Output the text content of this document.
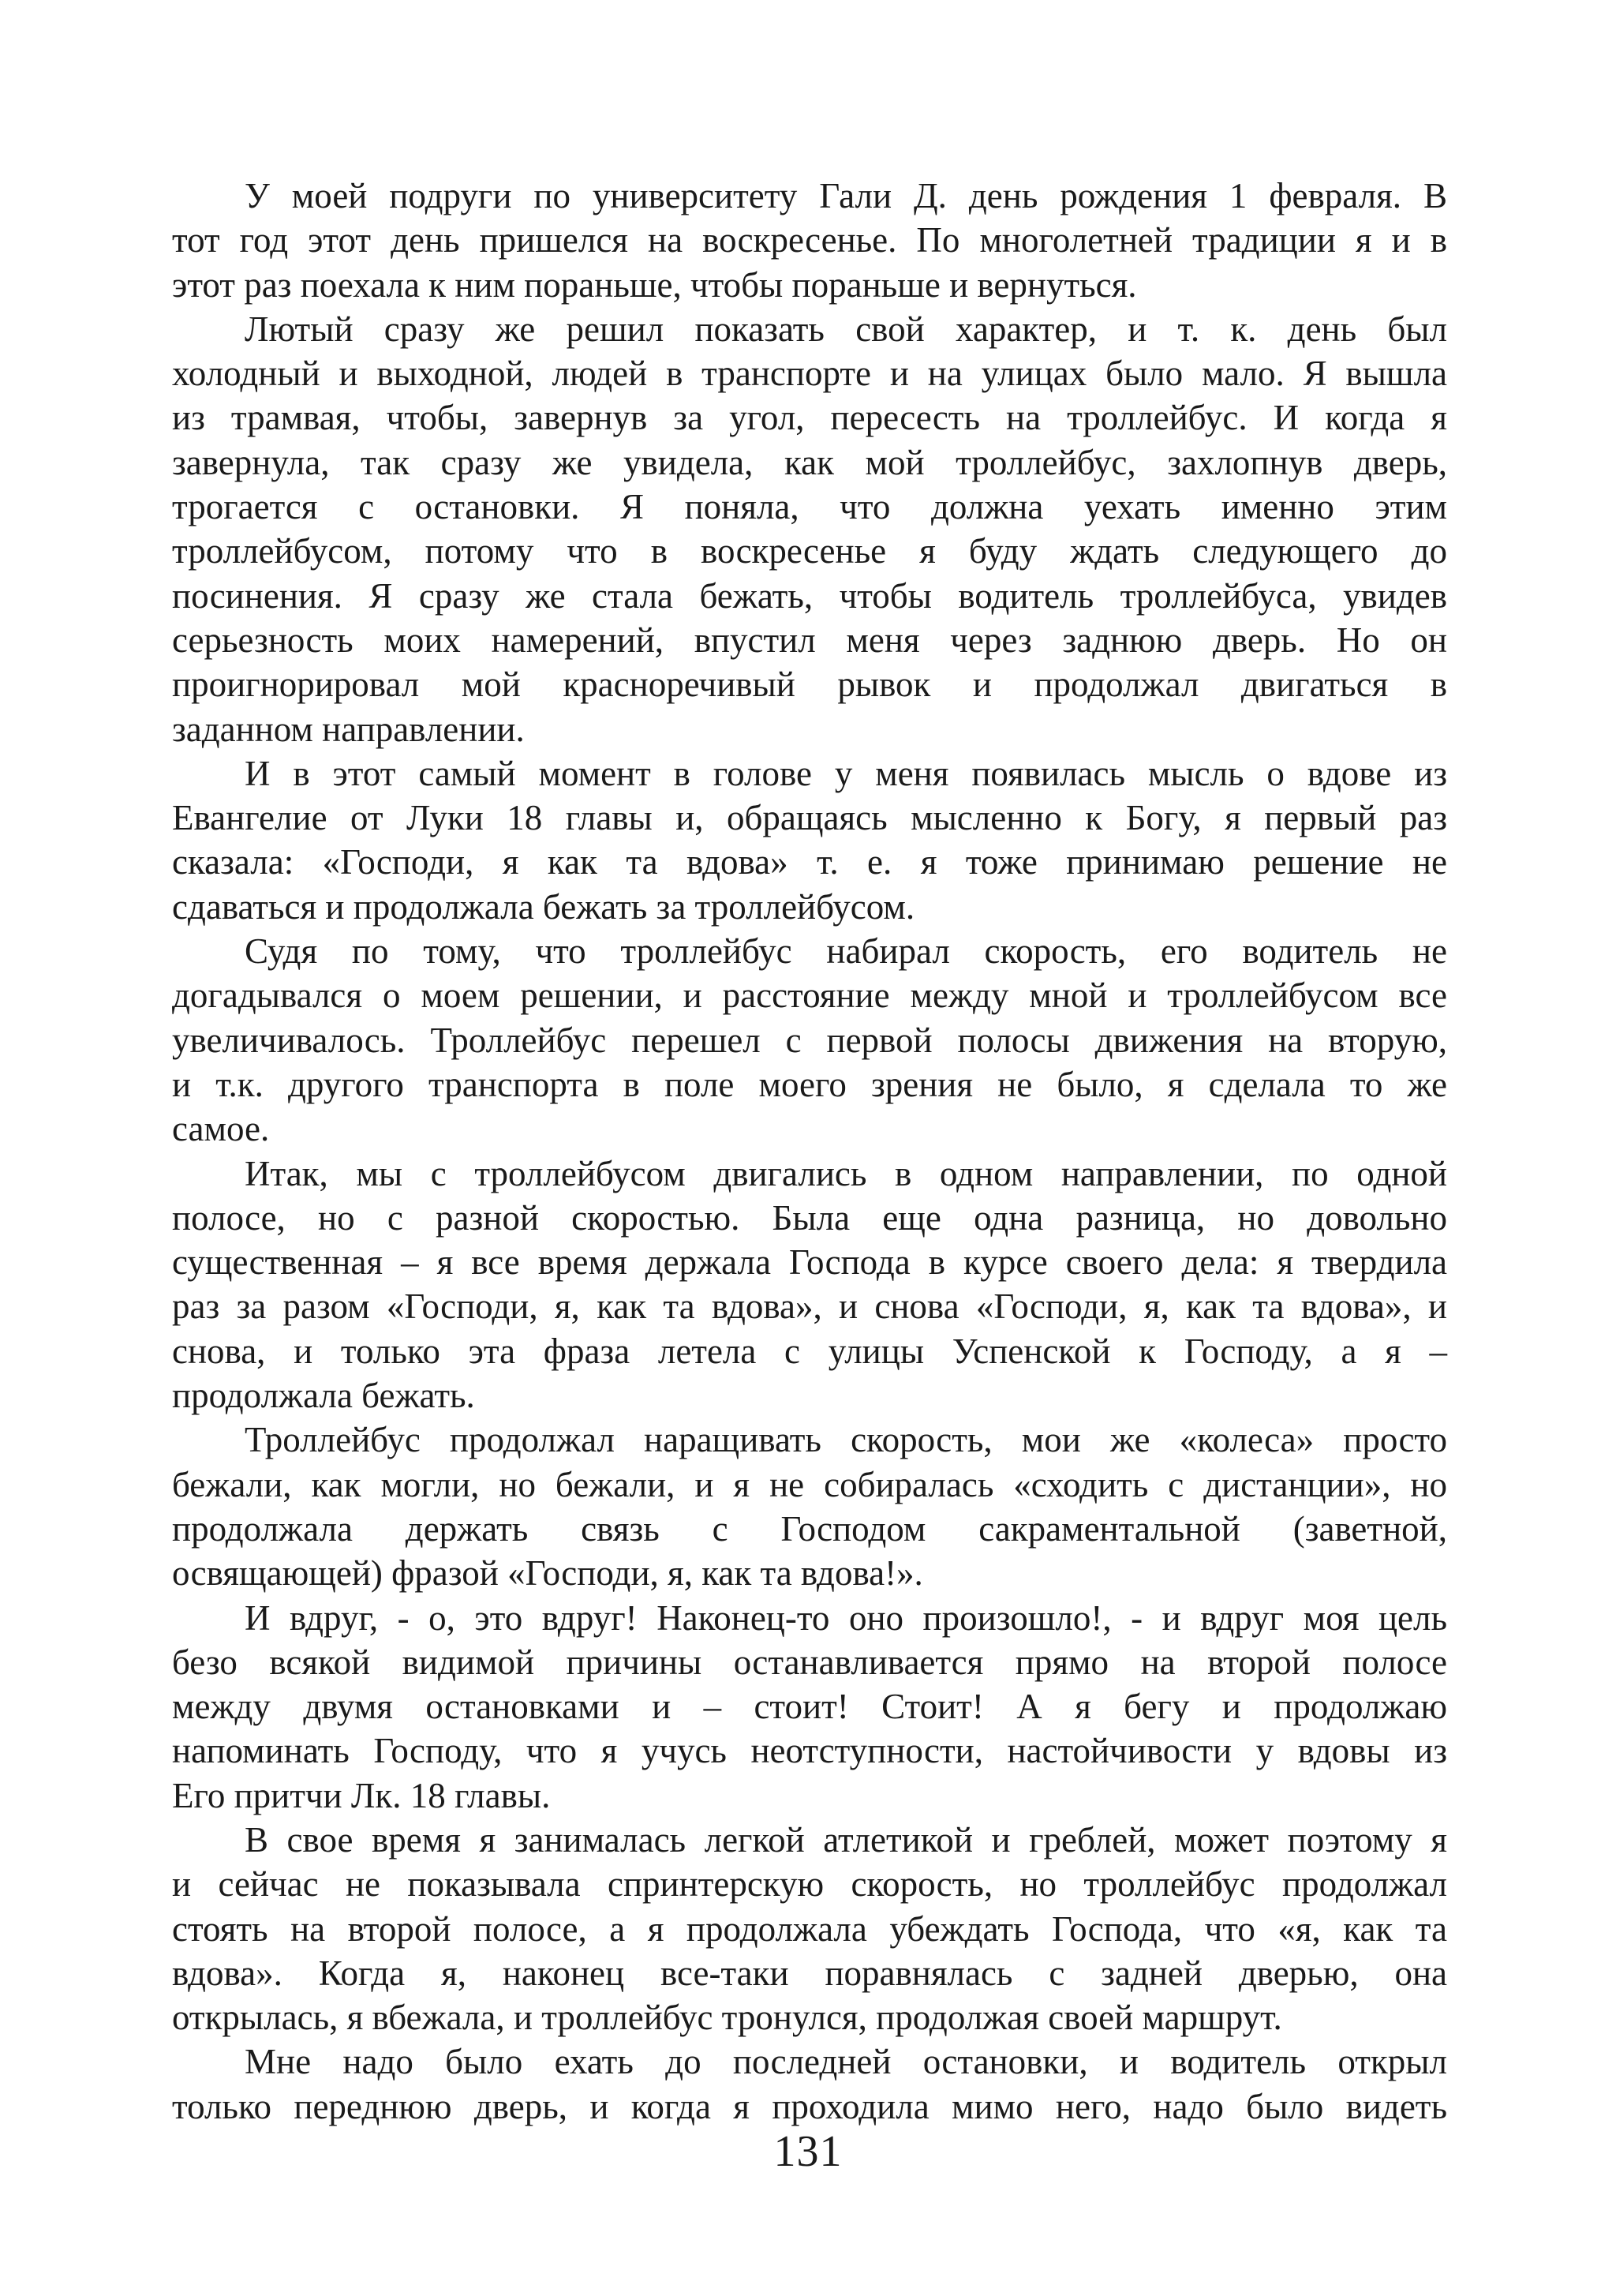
У моей подруги по университету Гали Д. день рождения 1 февраля. В
тот год этот день пришелся на воскресенье. По многолетней традиции я и в
этот раз поехала к ним пораньше, чтобы пораньше и вернуться.

Лютый сразу же решил показать свой характер, и т. к. день был
холодный и выходной, людей в транспорте и на улицах было мало. Я вышла
из трамвая, чтобы, завернув за угол, пересесть на троллейбус. И когда я
завернула, так сразу же увидела, как мой троллейбус, захлопнув дверь,
трогается с остановки. Я поняла, что должна уехать именно этим
троллейбусом, потому что в воскресенье я буду ждать следующего до
посинения. Я сразу же стала бежать, чтобы водитель троллейбуса, увидев
серьезность моих намерений, впустил меня через заднюю дверь. Но он
проигнорировал мой красноречивый рывок и продолжал двигаться в
заданном направлении.

И в этот самый момент в голове у меня появилась мысль о вдове из
Евангелие от Луки 18 главы и, обращаясь мысленно к Богу, я первый раз
сказала: «Господи, я как та вдова» т. е. я тоже принимаю решение не
сдаваться и продолжала бежать за троллейбусом.

Судя по тому, что троллейбус набирал скорость, его водитель не
догадывался о моем решении, и расстояние между мной и троллейбусом все
увеличивалось. Троллейбус перешел с первой полосы движения на вторую,
и т.к. другого транспорта в поле моего зрения не было, я сделала то же
самое.

Итак, мы с троллейбусом двигались в одном направлении, по одной
полосе, но с разной скоростью. Была еще одна разница, но довольно
существенная – я все время держала Господа в курсе своего дела: я твердила
раз за разом «Господи, я, как та вдова», и снова «Господи, я, как та вдова», и
снова, и только эта фраза летела с улицы Успенской к Господу, а я –
продолжала бежать.

Троллейбус продолжал наращивать скорость, мои же «колеса» просто
бежали, как могли, но бежали, и я не собиралась «сходить с дистанции», но
продолжала держать связь с Господом сакраментальной (заветной,
освящающей) фразой «Господи, я, как та вдова!».

И вдруг, - о, это вдруг! Наконец-то оно произошло!, - и вдруг моя цель
безо всякой видимой причины останавливается прямо на второй полосе
между двумя остановками и – стоит! Стоит! А я бегу и продолжаю
напоминать Господу, что я учусь неотступности, настойчивости у вдовы из
Его притчи Лк. 18 главы.

В свое время я занималась легкой атлетикой и греблей, может поэтому я
и сейчас не показывала спринтерскую скорость, но троллейбус продолжал
стоять на второй полосе, а я продолжала убеждать Господа, что «я, как та
вдова». Когда я, наконец все-таки поравнялась с задней дверью, она
открылась, я вбежала, и троллейбус тронулся, продолжая своей маршрут.

Мне надо было ехать до последней остановки, и водитель открыл
только переднюю дверь, и когда я проходила мимо него, надо было видеть

131
